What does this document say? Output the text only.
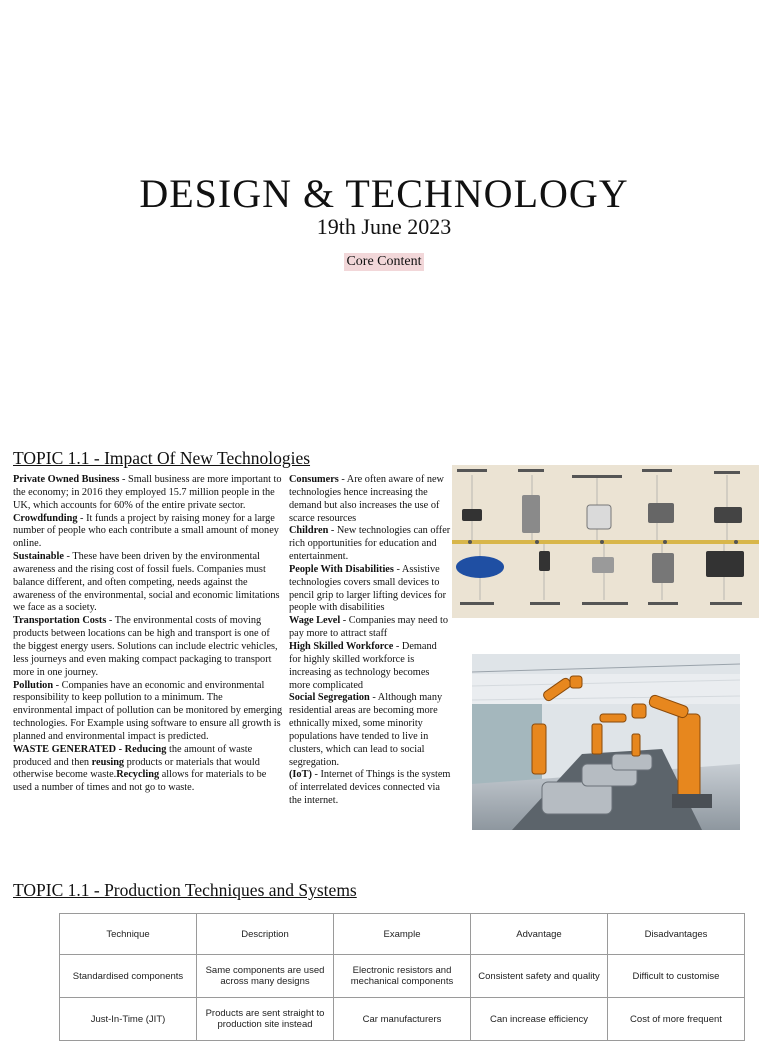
DESIGN & TECHNOLOGY
19th June 2023
Core Content
TOPIC 1.1 - Impact Of New Technologies

Private Owned Business - Small business are more important to the economy; in 2016 they employed 15.7 million people in the UK, which accounts for 60% of the entire private sector.

Crowdfunding - It funds a project by raising money for a large number of people who each contribute a small amount of money online.

Sustainable - These have been driven by the environmental awareness and the rising cost of fossil fuels. Companies must balance different, and often competing, needs against the awareness of the environmental, social and economic limitations we face as a society.

Transportation Costs - The environmental costs of moving products between locations can be high and transport is one of the biggest energy users. Solutions can include electric vehicles, less journeys and even making compact packaging to transport more in one journey.

Pollution - Companies have an economic and environmental responsibility to keep pollution to a minimum. The environmental impact of pollution can be monitored by emerging technologies. For Example using software to ensure all growth is planned and environmental impact is predicted.

WASTE GENERATED - Reducing the amount of waste produced and then reusing products or materials that would otherwise become waste.Recycling allows for materials to be used a number of times and not go to waste.

Consumers - Are often aware of new technologies hence increasing the demand but also increases the use of scarce resources

Children - New technologies can offer rich opportunities for education and entertainment.

People With Disabilities - Assistive technologies covers small devices to pencil grip to larger lifting devices for people with disabilities

Wage Level - Companies may need to pay more to attract staff

High Skilled Workforce - Demand for highly skilled workforce is increasing as technology becomes more complicated

Social Segregation - Although many residential areas are becoming more ethnically mixed, some minority populations have tended to live in clusters, which can lead to social segregation.

(IoT) - Internet of Things is the system of interrelated devices connected via the internet.

TOPIC 1.1 - Production Techniques and Systems
Technique	Description	Example	Advantage	Disadvantages
Standardised components	Same components are used across many designs	Electronic resistors and mechanical components	Consistent safety and quality	Difficult to customise
Just-In-Time (JIT)	Products are sent straight to production site instead	Car manufacturers	Can increase efficiency	Cost of more frequent
